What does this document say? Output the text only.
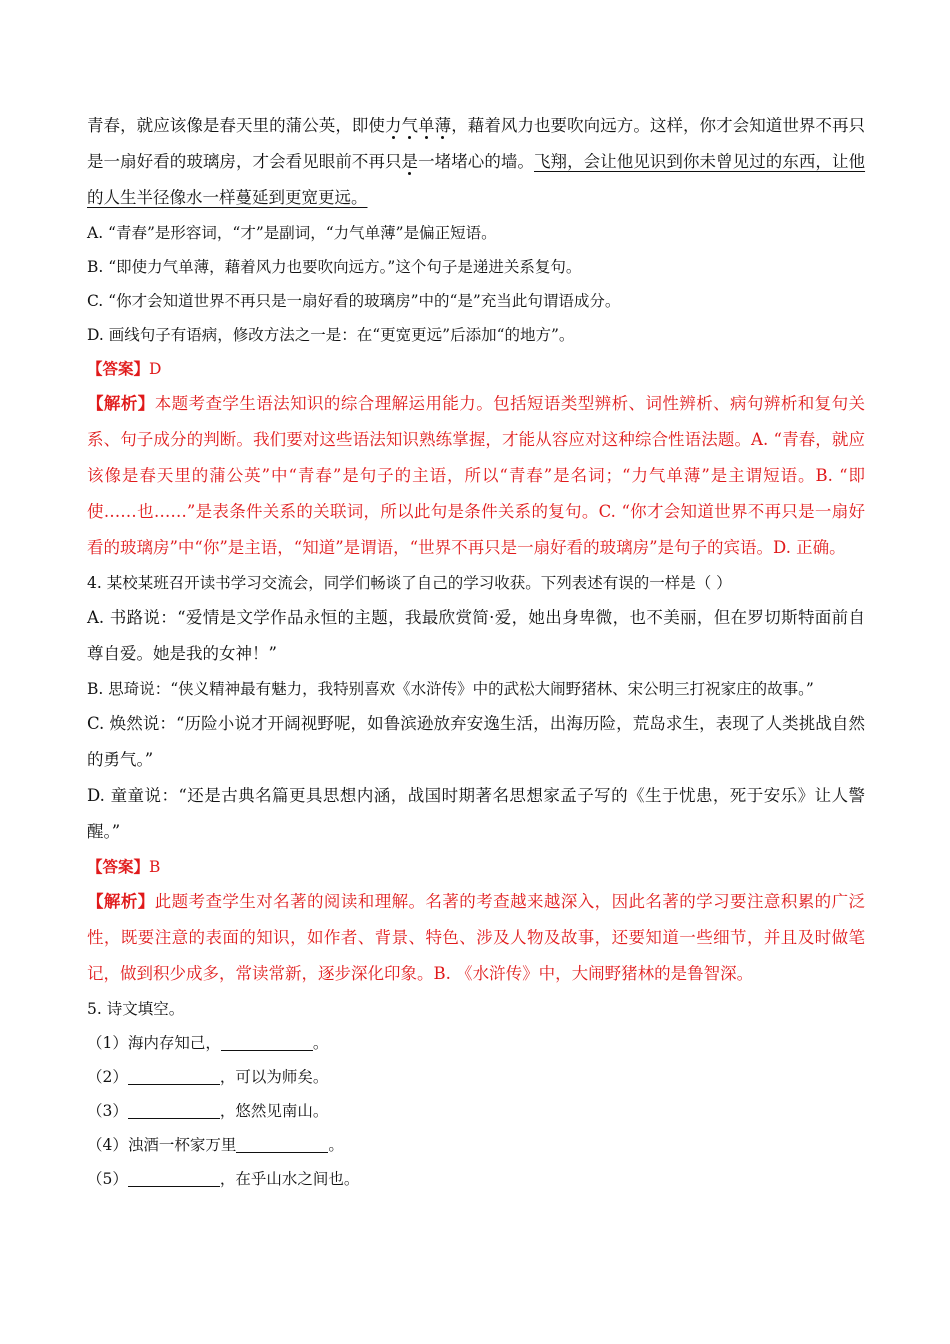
青春，就应该像是春天里的蒲公英，即使力气单薄，藉着风力也要吹向远方。这样，你才会知道世界不再只是一扇好看的玻璃房，才会看见眼前不再只是一堵堵心的墙。飞翔，会让他见识到你未曾见过的东西，让他的人生半径像水一样蔓延到更宽更远。
A. “青春”是形容词，“才”是副词，“力气单薄”是偏正短语。
B. “即使力气单薄，藉着风力也要吹向远方。”这个句子是递进关系复句。
C. “你才会知道世界不再只是一扇好看的玻璃房”中的“是”充当此句谓语成分。
D. 画线句子有语病，修改方法之一是：在“更宽更远”后添加“的地方”。
【答案】D
【解析】本题考查学生语法知识的综合理解运用能力。包括短语类型辨析、词性辨析、病句辨析和复句关系、句子成分的判断。我们要对这些语法知识熟练掌握，才能从容应对这种综合性语法题。A. “青春，就应该像是春天里的蒲公英”中“青春”是句子的主语，所以“青春”是名词；“力气单薄”是主谓短语。B. “即使……也……”是表条件关系的关联词，所以此句是条件关系的复句。C. “你才会知道世界不再只是一扇好看的玻璃房”中“你”是主语，“知道”是谓语，“世界不再只是一扇好看的玻璃房”是句子的宾语。D. 正确。
4. 某校某班召开读书学习交流会，同学们畅谈了自己的学习收获。下列表述有误的一样是（ ）
A. 书路说：“爱情是文学作品永恒的主题，我最欣赏简·爱，她出身卑微，也不美丽，但在罗切斯特面前自尊自爱。她是我的女神！”
B. 思琦说：“侠义精神最有魅力，我特别喜欢《水浒传》中的武松大闹野猪林、宋公明三打祝家庄的故事。”
C. 焕然说：“历险小说才开阔视野呢，如鲁滨逊放弃安逸生活，出海历险，荒岛求生，表现了人类挑战自然的勇气。”
D. 童童说：“还是古典名篇更具思想内涵，战国时期著名思想家孟子写的《生于忧患，死于安乐》让人警醒。”
【答案】B
【解析】此题考查学生对名著的阅读和理解。名著的考查越来越深入，因此名著的学习要注意积累的广泛性，既要注意的表面的知识，如作者、背景、特色、涉及人物及故事，还要知道一些细节，并且及时做笔记，做到积少成多，常读常新，逐步深化印象。B. 《水浒传》中，大闹野猪林的是鲁智深。
5. 诗文填空。
（1）海内存知己，	。
（2）	，可以为师矣。
（3）	，悠然见南山。
（4）浊酒一杯家万里	。
（5）	，在乎山水之间也。
